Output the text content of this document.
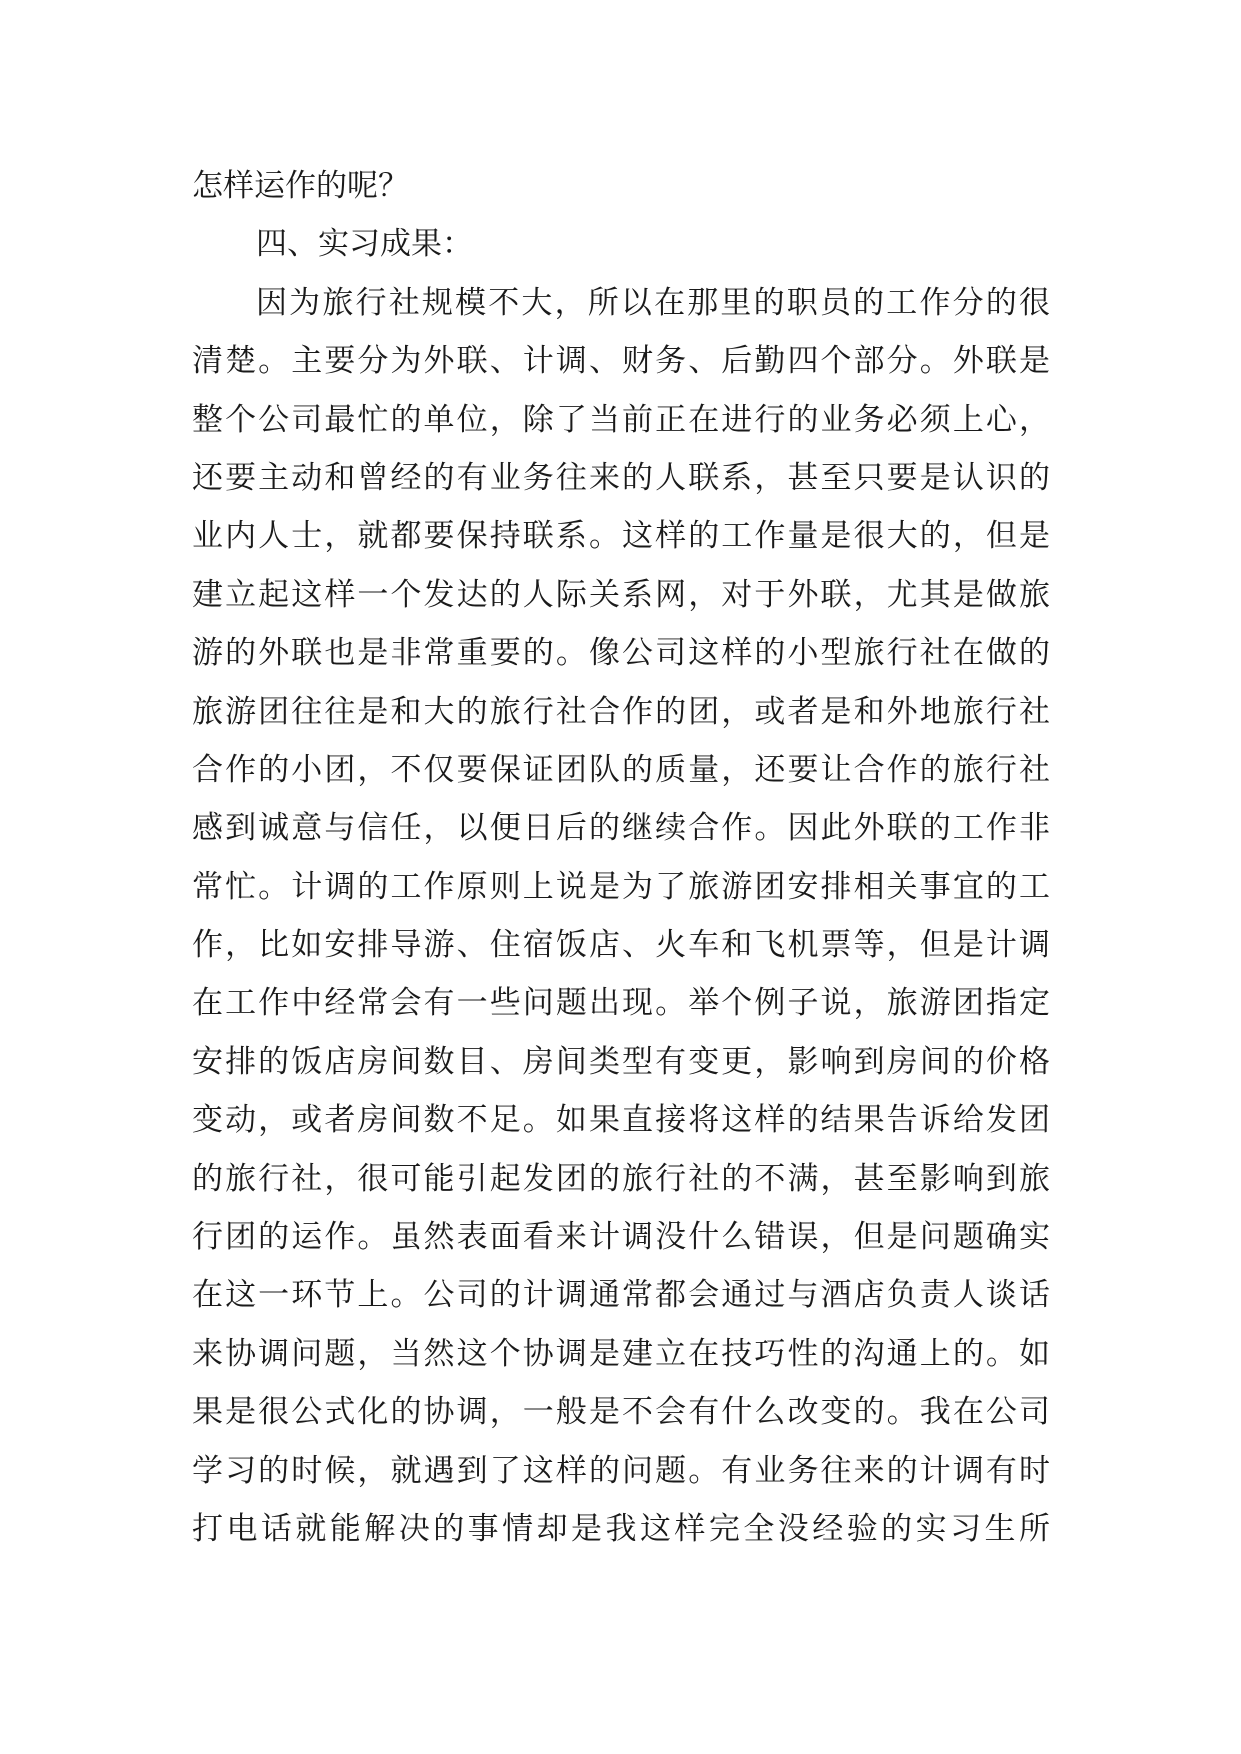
怎样运作的呢？
四、实习成果：
因为旅行社规模不大，所以在那里的职员的工作分的很
清楚。主要分为外联、计调、财务、后勤四个部分。外联是
整个公司最忙的单位，除了当前正在进行的业务必须上心，
还要主动和曾经的有业务往来的人联系，甚至只要是认识的
业内人士，就都要保持联系。这样的工作量是很大的，但是
建立起这样一个发达的人际关系网，对于外联，尤其是做旅
游的外联也是非常重要的。像公司这样的小型旅行社在做的
旅游团往往是和大的旅行社合作的团，或者是和外地旅行社
合作的小团，不仅要保证团队的质量，还要让合作的旅行社
感到诚意与信任，以便日后的继续合作。因此外联的工作非
常忙。计调的工作原则上说是为了旅游团安排相关事宜的工
作，比如安排导游、住宿饭店、火车和飞机票等，但是计调
在工作中经常会有一些问题出现。举个例子说，旅游团指定
安排的饭店房间数目、房间类型有变更，影响到房间的价格
变动，或者房间数不足。如果直接将这样的结果告诉给发团
的旅行社，很可能引起发团的旅行社的不满，甚至影响到旅
行团的运作。虽然表面看来计调没什么错误，但是问题确实
在这一环节上。公司的计调通常都会通过与酒店负责人谈话
来协调问题，当然这个协调是建立在技巧性的沟通上的。如
果是很公式化的协调，一般是不会有什么改变的。我在公司
学习的时候，就遇到了这样的问题。有业务往来的计调有时
打电话就能解决的事情却是我这样完全没经验的实习生所
